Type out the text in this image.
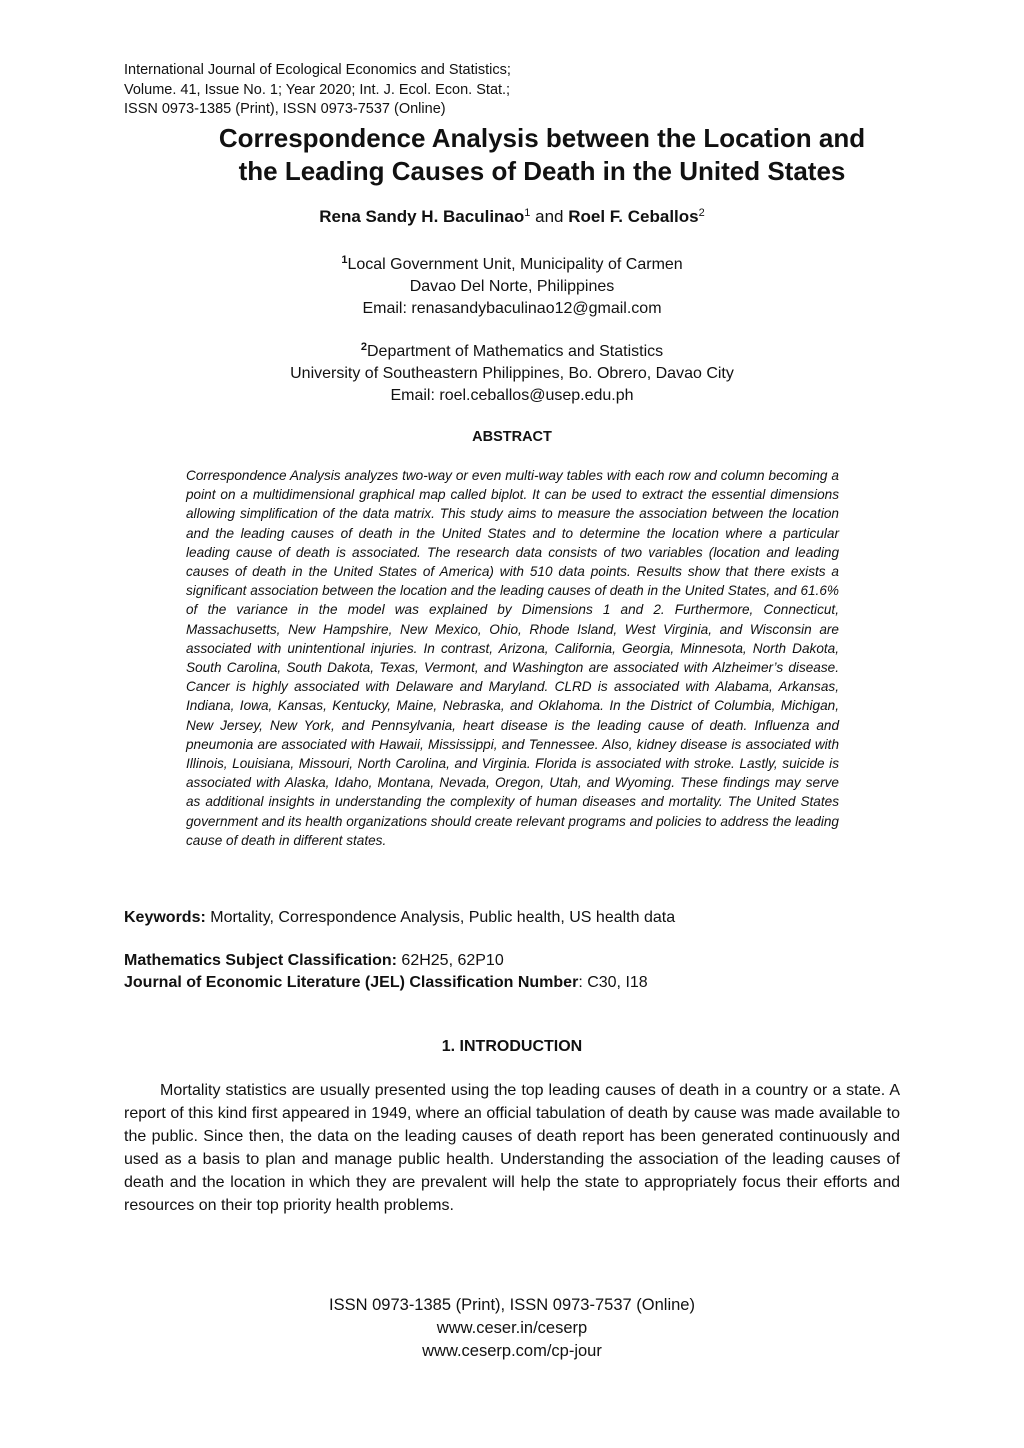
International Journal of Ecological Economics and Statistics;
Volume. 41, Issue No. 1; Year 2020; Int. J. Ecol. Econ. Stat.;
ISSN 0973-1385 (Print), ISSN 0973-7537 (Online)
Correspondence Analysis between the Location and
the Leading Causes of Death in the United States
Rena Sandy H. Baculinao$^1$ and Roel F. Ceballos$^2$
$^1$Local Government Unit, Municipality of Carmen
Davao Del Norte, Philippines
Email: renasandybaculinao12@gmail.com
$^2$Department of Mathematics and Statistics
University of Southeastern Philippines, Bo. Obrero, Davao City
Email: roel.ceballos@usep.edu.ph
ABSTRACT

Correspondence Analysis analyzes two-way or even multi-way tables with each row and column becoming a point on a multidimensional graphical map called biplot. It can be used to extract the essential dimensions allowing simplification of the data matrix. This study aims to measure the association between the location and the leading causes of death in the United States and to determine the location where a particular leading cause of death is associated. The research data consists of two variables (location and leading causes of death in the United States of America) with 510 data points. Results show that there exists a significant association between the location and the leading causes of death in the United States, and 61.6% of the variance in the model was explained by Dimensions 1 and 2. Furthermore, Connecticut, Massachusetts, New Hampshire, New Mexico, Ohio, Rhode Island, West Virginia, and Wisconsin are associated with unintentional injuries. In contrast, Arizona, California, Georgia, Minnesota, North Dakota, South Carolina, South Dakota, Texas, Vermont, and Washington are associated with Alzheimer’s disease. Cancer is highly associated with Delaware and Maryland. CLRD is associated with Alabama, Arkansas, Indiana, Iowa, Kansas, Kentucky, Maine, Nebraska, and Oklahoma. In the District of Columbia, Michigan, New Jersey, New York, and Pennsylvania, heart disease is the leading cause of death. Influenza and pneumonia are associated with Hawaii, Mississippi, and Tennessee. Also, kidney disease is associated with Illinois, Louisiana, Missouri, North Carolina, and Virginia. Florida is associated with stroke. Lastly, suicide is associated with Alaska, Idaho, Montana, Nevada, Oregon, Utah, and Wyoming. These findings may serve as additional insights in understanding the complexity of human diseases and mortality. The United States government and its health organizations should create relevant programs and policies to address the leading cause of death in different states.

Keywords: Mortality, Correspondence Analysis, Public health, US health data
Mathematics Subject Classification: 62H25, 62P10
Journal of Economic Literature (JEL) Classification Number: C30, I18
1. INTRODUCTION

Mortality statistics are usually presented using the top leading causes of death in a country or a state. A report of this kind first appeared in 1949, where an official tabulation of death by cause was made available to the public. Since then, the data on the leading causes of death report has been generated continuously and used as a basis to plan and manage public health. Understanding the association of the leading causes of death and the location in which they are prevalent will help the state to appropriately focus their efforts and resources on their top priority health problems.

ISSN 0973-1385 (Print), ISSN 0973-7537 (Online)
www.ceser.in/ceserp
www.ceserp.com/cp-jour
